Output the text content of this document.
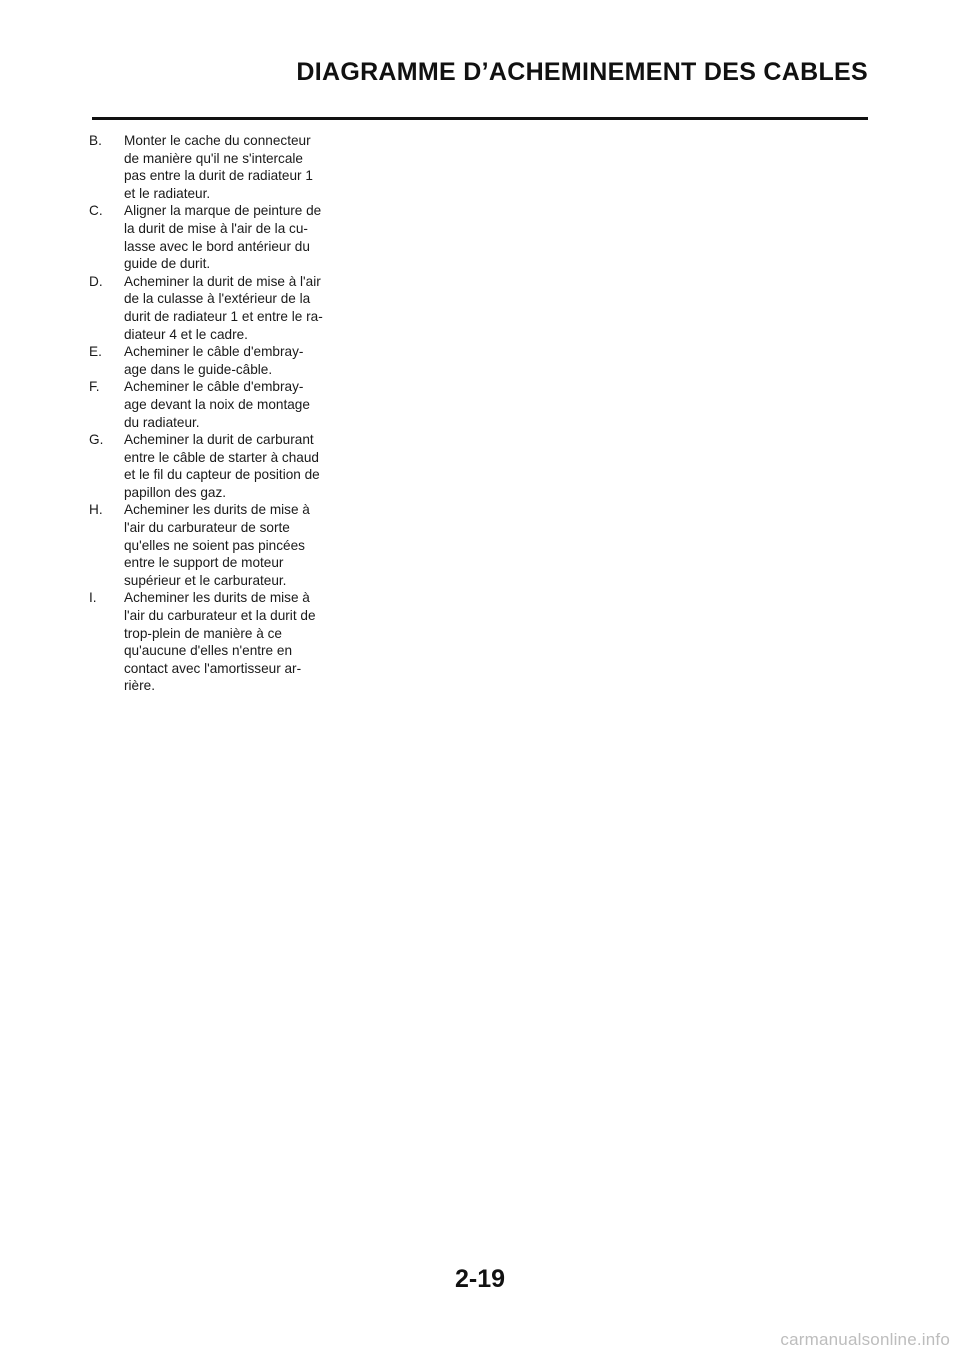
DIAGRAMME D’ACHEMINEMENT DES CABLES
B.	Monter le cache du connecteur
de manière qu'il ne s'intercale
pas entre la durit de radiateur 1
et le radiateur.
C.	Aligner la marque de peinture de
la durit de mise à l'air de la cu-
lasse avec le bord antérieur du
guide de durit.
D.	Acheminer la durit de mise à l'air
de la culasse à l'extérieur de la
durit de radiateur 1 et entre le ra-
diateur 4 et le cadre.
E.	Acheminer le câble d'embray-
age dans le guide-câble.
F.	Acheminer le câble d'embray-
age devant la noix de montage
du radiateur.
G.	Acheminer la durit de carburant
entre le câble de starter à chaud
et le fil du capteur de position de
papillon des gaz.
H.	Acheminer les durits de mise à
l'air du carburateur de sorte
qu'elles ne soient pas pincées
entre le support de moteur
supérieur et le carburateur.
I.	Acheminer les durits de mise à
l'air du carburateur et la durit de
trop-plein de manière à ce
qu'aucune d'elles n'entre en
contact avec l'amortisseur ar-
rière.
2-19
carmanualsonline.info
